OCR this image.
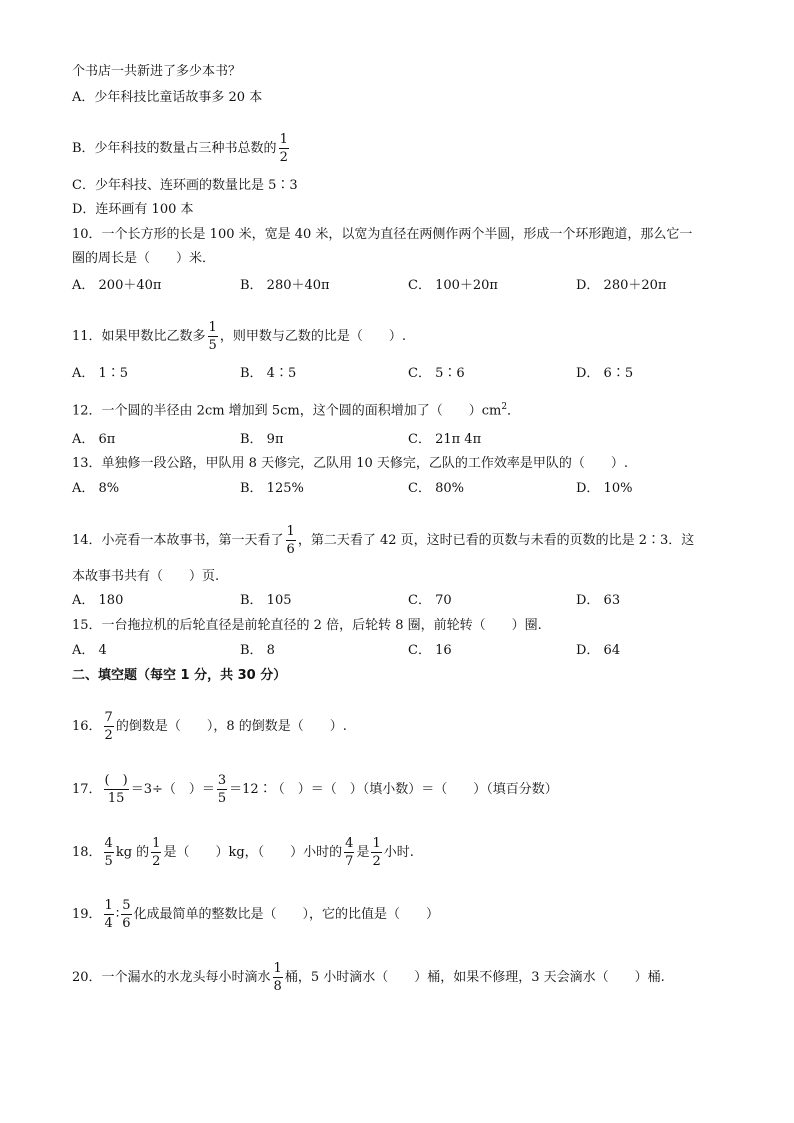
个书店一共新进了多少本书？
A．少年科技比童话故事多 20 本
B．少年科技的数量占三种书总数的 $\frac{1}{2}$
C．少年科技、连环画的数量比是 5∶3
D．连环画有 100 本
10．一个长方形的长是 100 米，宽是 40 米，以宽为直径在两侧作两个半圆，形成一个环形跑道，那么它一
圈的周长是（　　）米．
A． 200＋40π	B． 280＋40π	C． 100＋20π	D． 280＋20π
11．如果甲数比乙数多 $\frac{1}{5}$ ，则甲数与乙数的比是（　　）.
A． 1∶5	B． 4∶5	C． 5∶6	D． 6∶5
12．一个圆的半径由 2cm 增加到 5cm，这个圆的面积增加了（　　）$cm^2$．
A． 6π	B． 9π	C． 21π 4π
13．单独修一段公路，甲队用 8 天修完，乙队用 10 天修完，乙队的工作效率是甲队的（　　）.
A． 8%	B． 125%	C． 80%	D． 10%
14．小亮看一本故事书，第一天看了 $\frac{1}{6}$ ，第二天看了 42 页，这时已看的页数与未看的页数的比是 2∶3．这
本故事书共有（　　）页.
A． 180	B． 105	C． 70	D． 63
15．一台拖拉机的后轮直径是前轮直径的 2 倍，后轮转 8 圈，前轮转（　　）圈.
A． 4	B． 8	C． 16	D． 64
二、填空题（每空 1 分，共 30 分）
16． $\frac{7}{2}$ 的倒数是（　　），8 的倒数是（　　）.
17． $\frac{( )}{15} =3\div$（　）＝ $\frac{3}{5}$ ＝12∶（　）＝（　）（填小数）＝（　　）（填百分数）
18． $\frac{4}{5}$ kg 的 $\frac{1}{2}$ 是（　　）kg，（　　）小时的 $\frac{4}{7}$ 是 $\frac{1}{2}$ 小时.
19． $\frac{1}{4}$ ∶ $\frac{5}{6}$ 化成最简单的整数比是（　　），它的比值是（　　）
20．一个漏水的水龙头每小时滴水 $\frac{1}{8}$ 桶，5 小时滴水（　　）桶，如果不修理，3 天会滴水（　　）桶.
